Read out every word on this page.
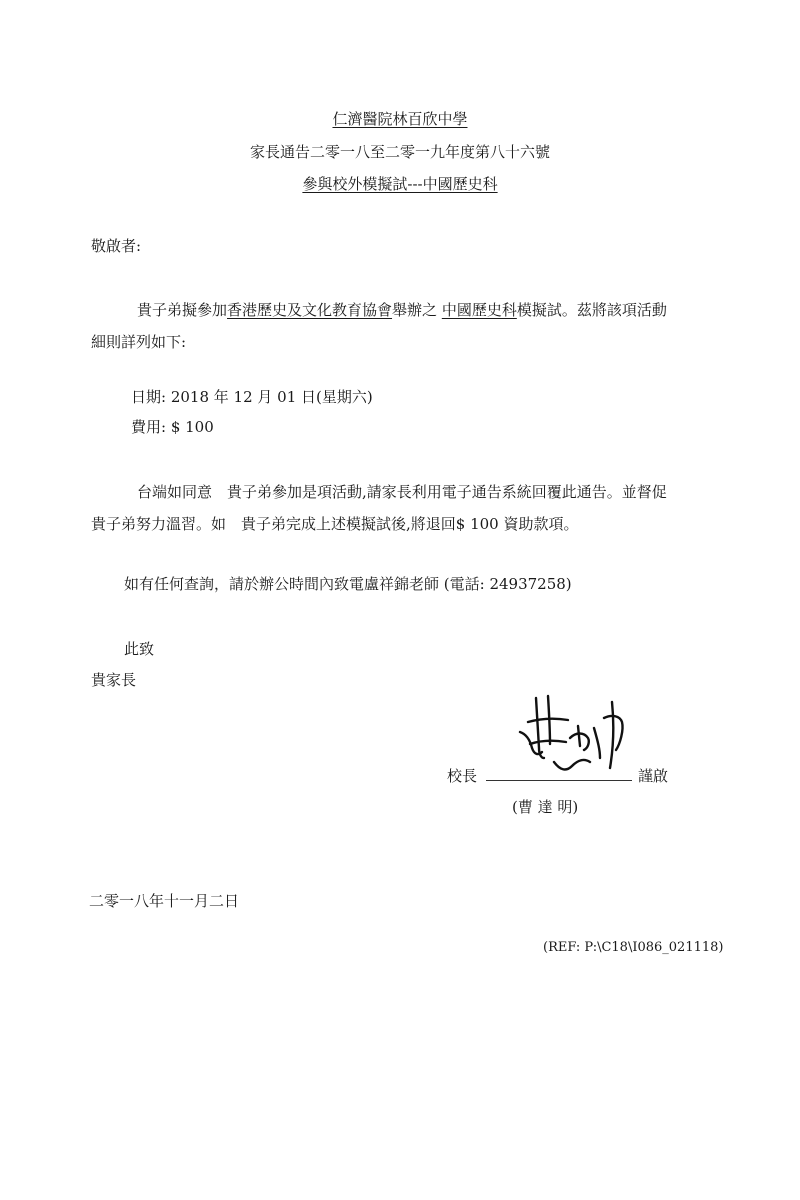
仁濟醫院林百欣中學
家長通告二零一八至二零一九年度第八十六號
參與校外模擬試---中國歷史科
敬啟者:
貴子弟擬參加香港歷史及文化教育協會舉辦之 中國歷史科模擬試。茲將該項活動
細則詳列如下:
日期: 2018 年 12 月 01 日(星期六)
費用: $ 100
台端如同意　貴子弟參加是項活動,請家長利用電子通告系統回覆此通告。並督促
貴子弟努力溫習。如　貴子弟完成上述模擬試後,將退回$ 100 資助款項。
如有任何查詢，請於辦公時間內致電盧祥錦老師 (電話: 24937258)
此致
貴家長
校長	謹啟
(曹 達 明)
二零一八年十一月二日
(REF: P:\C18\I086_021118)
